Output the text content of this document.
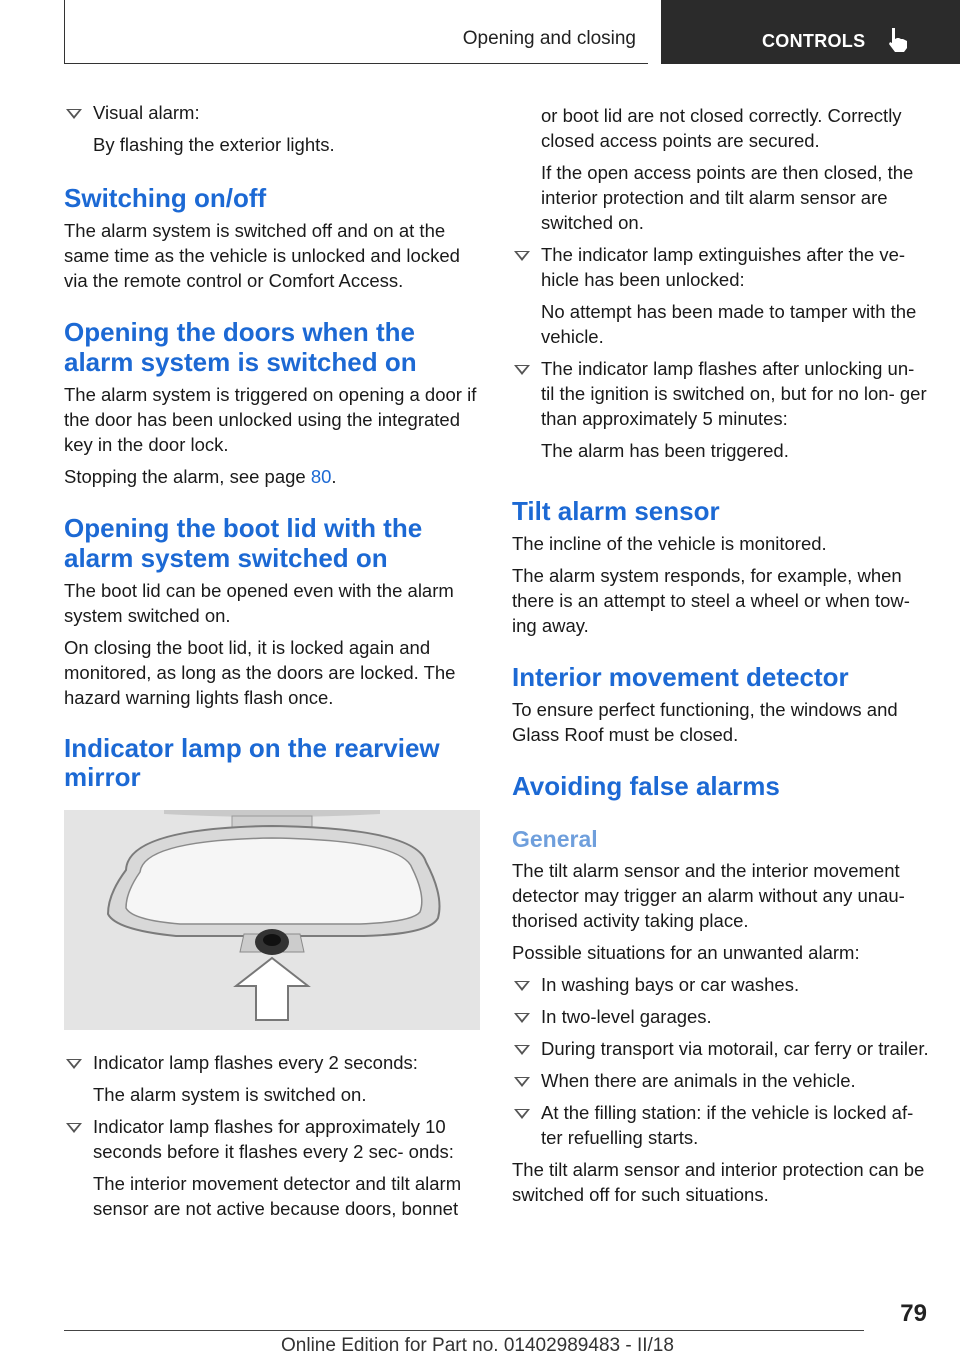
Opening and closing	CONTROLS

Visual alarm:

By flashing the exterior lights.

Switching on/off

The alarm system is switched off and on at the same time as the vehicle is unlocked and locked via the remote control or Comfort Access.

Opening the doors when the alarm system is switched on

The alarm system is triggered on opening a door if the door has been unlocked using the integrated key in the door lock.

Stopping the alarm, see page 80.

Opening the boot lid with the alarm system switched on

The boot lid can be opened even with the alarm system switched on.

On closing the boot lid, it is locked again and monitored, as long as the doors are locked. The hazard warning lights flash once.

Indicator lamp on the rearview mirror

Indicator lamp flashes every 2 seconds:

The alarm system is switched on.

Indicator lamp flashes for approximately 10 seconds before it flashes every 2 sec‐ onds:

The interior movement detector and tilt alarm sensor are not active because doors, bonnet

or boot lid are not closed correctly. Correctly closed access points are secured.

If the open access points are then closed, the interior protection and tilt alarm sensor are switched on.

The indicator lamp extinguishes after the ve‐ hicle has been unlocked:

No attempt has been made to tamper with the vehicle.

The indicator lamp flashes after unlocking un‐ til the ignition is switched on, but for no lon‐ ger than approximately 5 minutes:

The alarm has been triggered.

Tilt alarm sensor

The incline of the vehicle is monitored.

The alarm system responds, for example, when there is an attempt to steel a wheel or when tow‐ ing away.

Interior movement detector

To ensure perfect functioning, the windows and Glass Roof must be closed.

Avoiding false alarms
General

The tilt alarm sensor and the interior movement detector may trigger an alarm without any unau‐ thorised activity taking place.

Possible situations for an unwanted alarm:

In washing bays or car washes.

In two-level garages.

During transport via motorail, car ferry or trailer.

When there are animals in the vehicle.

At the filling station: if the vehicle is locked af‐ ter refuelling starts.

The tilt alarm sensor and interior protection can be switched off for such situations.

79
Online Edition for Part no. 01402989483 - II/18
